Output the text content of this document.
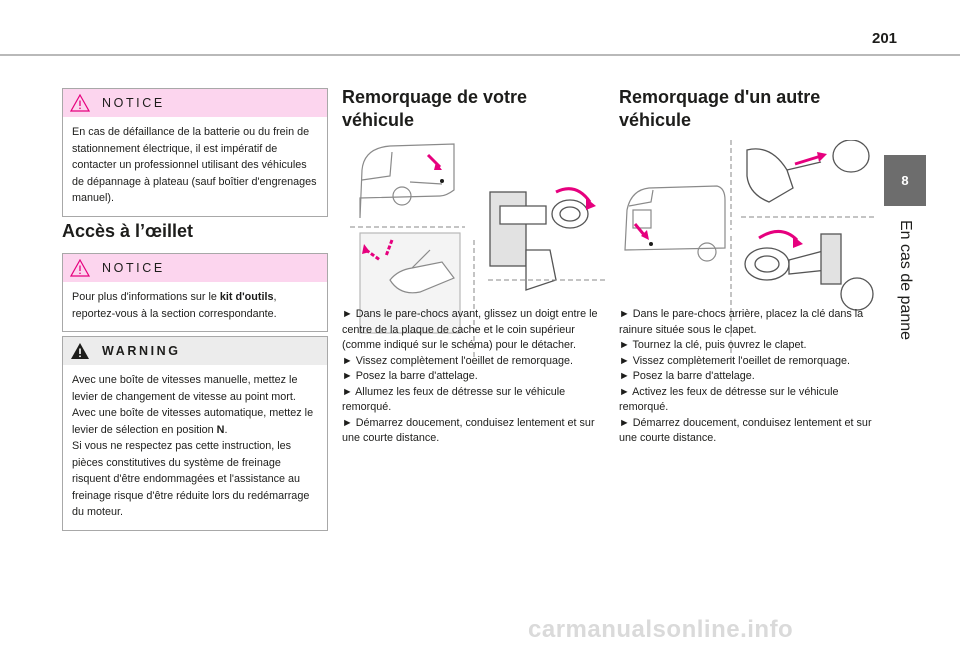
201
8
En cas de panne
NOTICE

En cas de défaillance de la batterie ou du frein de stationnement électrique, il est impératif de contacter un professionnel utilisant des véhicules de dépannage à plateau (sauf boîtier d'engrenages manuel).

Accès à l’œillet
NOTICE

Pour plus d'informations sur le kit d'outils, reportez-vous à la section correspondante.

WARNING

Avec une boîte de vitesses manuelle, mettez le levier de changement de vitesse au point mort.

Avec une boîte de vitesses automatique, mettez le levier de sélection en position N.

Si vous ne respectez pas cette instruction, les pièces constitutives du système de freinage risquent d'être endommagées et l'assistance au freinage risque d'être réduite lors du redémarrage du moteur.

Remorquage de votre
véhicule

► Dans le pare-chocs avant, glissez un doigt entre le centre de la plaque de cache et le coin supérieur (comme indiqué sur le schéma) pour le détacher.

► Vissez complètement l'oeillet de remorquage.

► Posez la barre d'attelage.

► Allumez les feux de détresse sur le véhicule remorqué.

► Démarrez doucement, conduisez lentement et sur une courte distance.

Remorquage d'un autre
véhicule

► Dans le pare-chocs arrière, placez la clé dans la rainure située sous le clapet.

► Tournez la clé, puis ouvrez le clapet.

► Vissez complètement l'oeillet de remorquage.

► Posez la barre d'attelage.

► Activez les feux de détresse sur le véhicule remorqué.

► Démarrez doucement, conduisez lentement et sur une courte distance.

carmanualsonline.info
